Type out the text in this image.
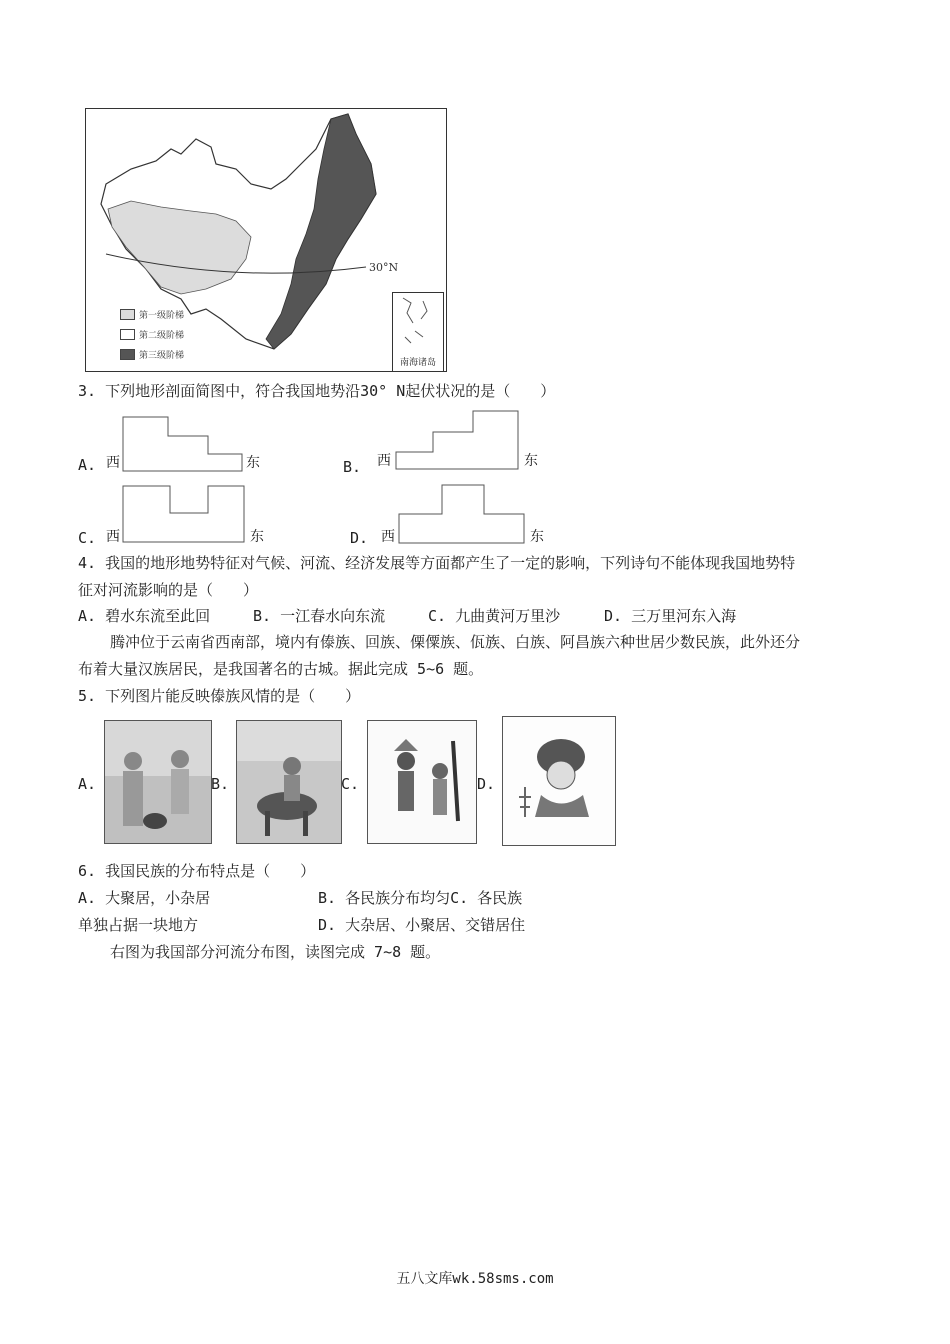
30°N
第一级阶梯
第二级阶梯
第三级阶梯
南海诸岛
3. 下列地形剖面简图中，符合我国地势沿30° N起伏状况的是（　　）
A. 西	东	B. 西	东
C. 西	东	D. 西	东
4. 我国的地形地势特征对气候、河流、经济发展等方面都产生了一定的影响，下列诗句不能体现我国地势特
征对河流影响的是（　　）
A. 碧水东流至此回	B. 一江春水向东流	C. 九曲黄河万里沙	D. 三万里河东入海
腾冲位于云南省西南部，境内有傣族、回族、傈僳族、佤族、白族、阿昌族六种世居少数民族，此外还分
布着大量汉族居民，是我国著名的古城。据此完成 5~6 题。
5. 下列图片能反映傣族风情的是（　　）
A.	B.	C.	D.
6. 我国民族的分布特点是（　　）
A. 大聚居，小杂居	B. 各民族分布均匀C. 各民族
单独占据一块地方	D. 大杂居、小聚居、交错居住
右图为我国部分河流分布图，读图完成 7~8 题。
五八文库wk.58sms.com
